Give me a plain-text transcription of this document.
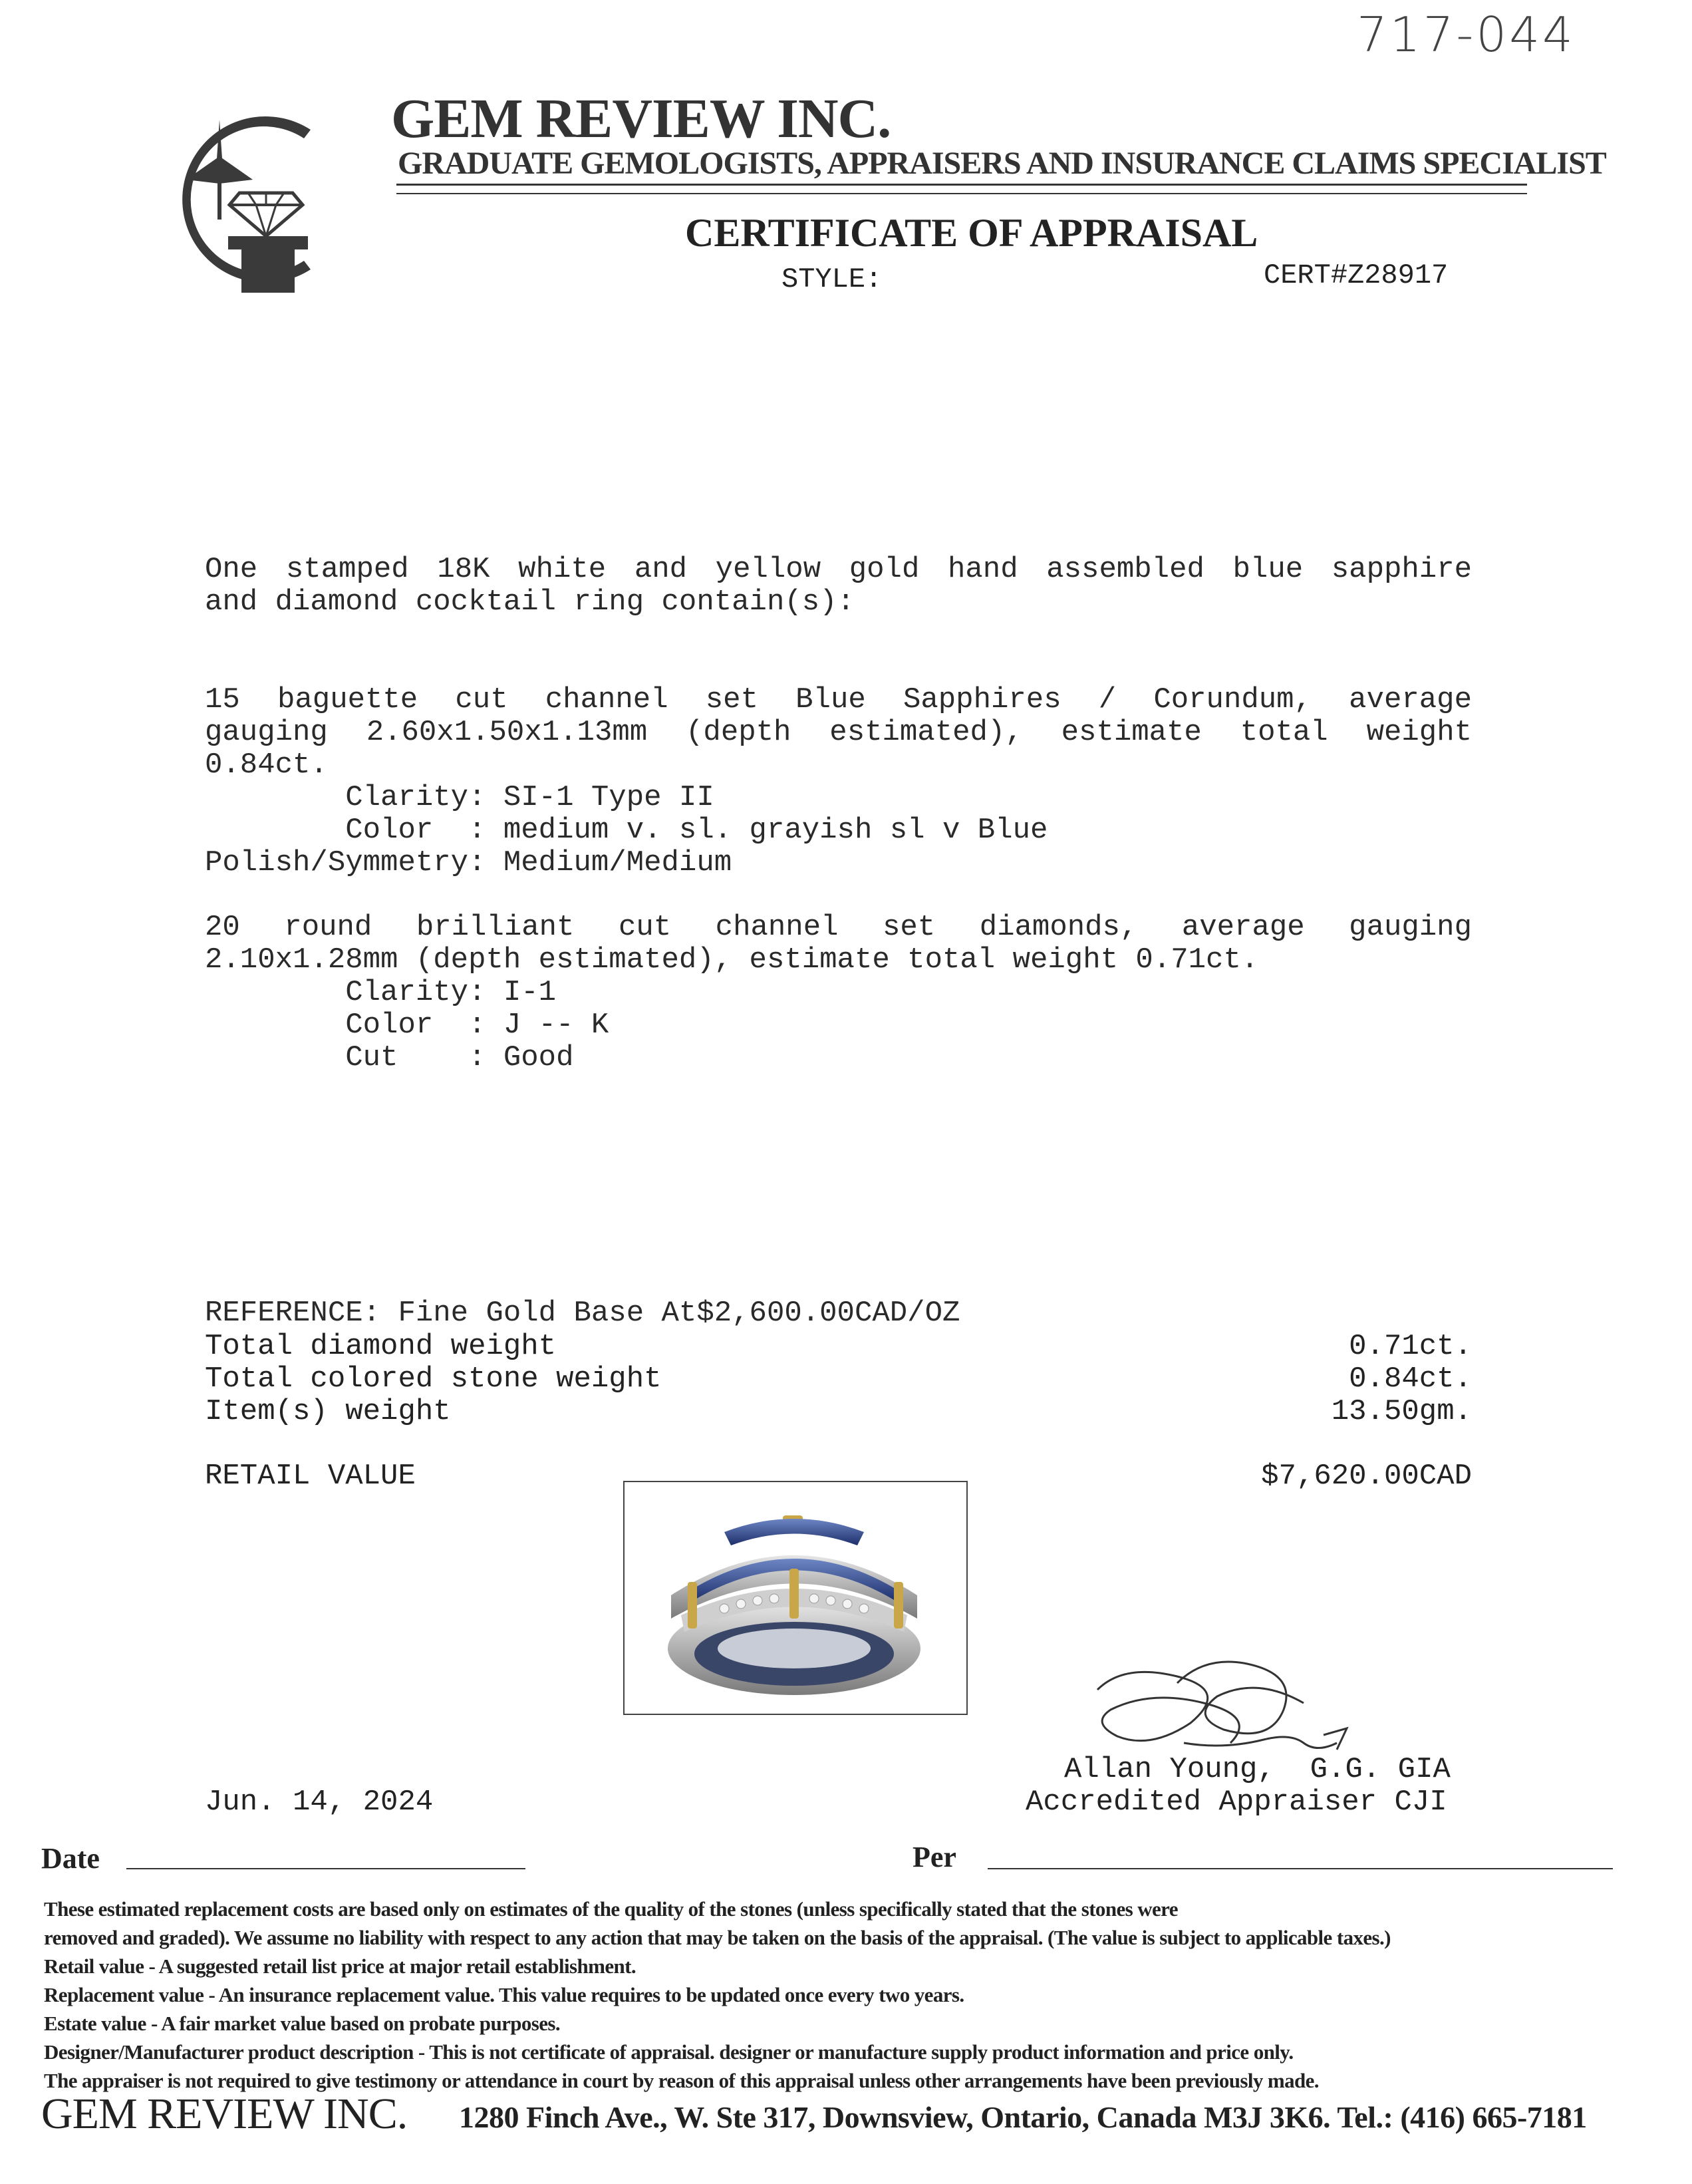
717-044
GEM REVIEW INC.
GRADUATE GEMOLOGISTS, APPRAISERS AND INSURANCE CLAIMS SPECIALIST
CERTIFICATE OF APPRAISAL
STYLE:	CERT#Z28917
One stamped 18K white and yellow gold hand assembled blue sapphire
and diamond cocktail ring contain(s):
15 baguette cut channel set Blue Sapphires / Corundum, average
gauging 2.60x1.50x1.13mm (depth estimated), estimate total weight
0.84ct.
Clarity: SI-1 Type II
Color  : medium v. sl. grayish sl v Blue
Polish/Symmetry: Medium/Medium
20 round brilliant cut channel set diamonds, average gauging
2.10x1.28mm (depth estimated), estimate total weight 0.71ct.
Clarity: I-1
Color  : J -- K
Cut    : Good
REFERENCE: Fine Gold Base At$2,600.00CAD/OZ
Total diamond weight	0.71ct.
Total colored stone weight	0.84ct.
Item(s) weight	13.50gm.
RETAIL VALUE	$7,620.00CAD
Allan Young,  G.G. GIA
Accredited Appraiser CJI
Jun. 14, 2024
Date	Per
These estimated replacement costs are based only on estimates of the quality of the stones (unless specifically stated that the stones were
removed and graded). We assume no liability with respect to any action that may be taken on the basis of the appraisal. (The value is subject to applicable taxes.)
Retail value - A suggested retail list price at major retail establishment.
Replacement value - An insurance replacement value. This value requires to be updated once every two years.
Estate value - A fair market value based on probate purposes.
Designer/Manufacturer product description - This is not certificate of appraisal. designer or manufacture supply product information and price only.
The appraiser is not required to give testimony or attendance in court by reason of this appraisal unless other arrangements have been previously made.
GEM REVIEW INC. 1280 Finch Ave., W. Ste 317, Downsview, Ontario, Canada M3J 3K6. Tel.: (416) 665-7181
